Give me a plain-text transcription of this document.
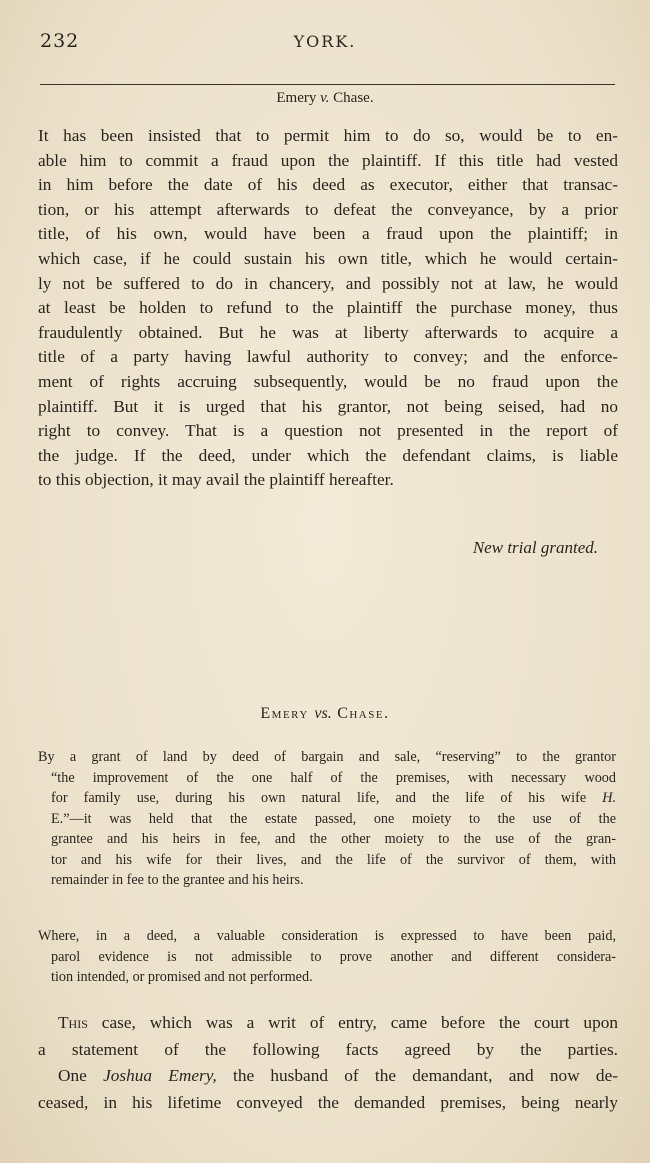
232	YORK.
Emery v. Chase.
It has been insisted that to permit him to do so, would be to en-
able him to commit a fraud upon the plaintiff. If this title had vested
in him before the date of his deed as executor, either that transac-
tion, or his attempt afterwards to defeat the conveyance, by a prior
title, of his own, would have been a fraud upon the plaintiff; in
which case, if he could sustain his own title, which he would certain-
ly not be suffered to do in chancery, and possibly not at law, he would
at least be holden to refund to the plaintiff the purchase money, thus
fraudulently obtained. But he was at liberty afterwards to acquire a
title of a party having lawful authority to convey; and the enforce-
ment of rights accruing subsequently, would be no fraud upon the
plaintiff. But it is urged that his grantor, not being seised, had no
right to convey. That is a question not presented in the report of
the judge. If the deed, under which the defendant claims, is liable
to this objection, it may avail the plaintiff hereafter.
New trial granted.
Emery vs. Chase.
By a grant of land by deed of bargain and sale, “reserving” to the grantor
“the improvement of the one half of the premises, with necessary wood
for family use, during his own natural life, and the life of his wife H.
E.”—it was held that the estate passed, one moiety to the use of the
grantee and his heirs in fee, and the other moiety to the use of the gran-
tor and his wife for their lives, and the life of the survivor of them, with
remainder in fee to the grantee and his heirs.
Where, in a deed, a valuable consideration is expressed to have been paid,
parol evidence is not admissible to prove another and different considera-
tion intended, or promised and not performed.
This case, which was a writ of entry, came before the court upon
a statement of the following facts agreed by the parties.
One Joshua Emery, the husband of the demandant, and now de-
ceased, in his lifetime conveyed the demanded premises, being nearly
